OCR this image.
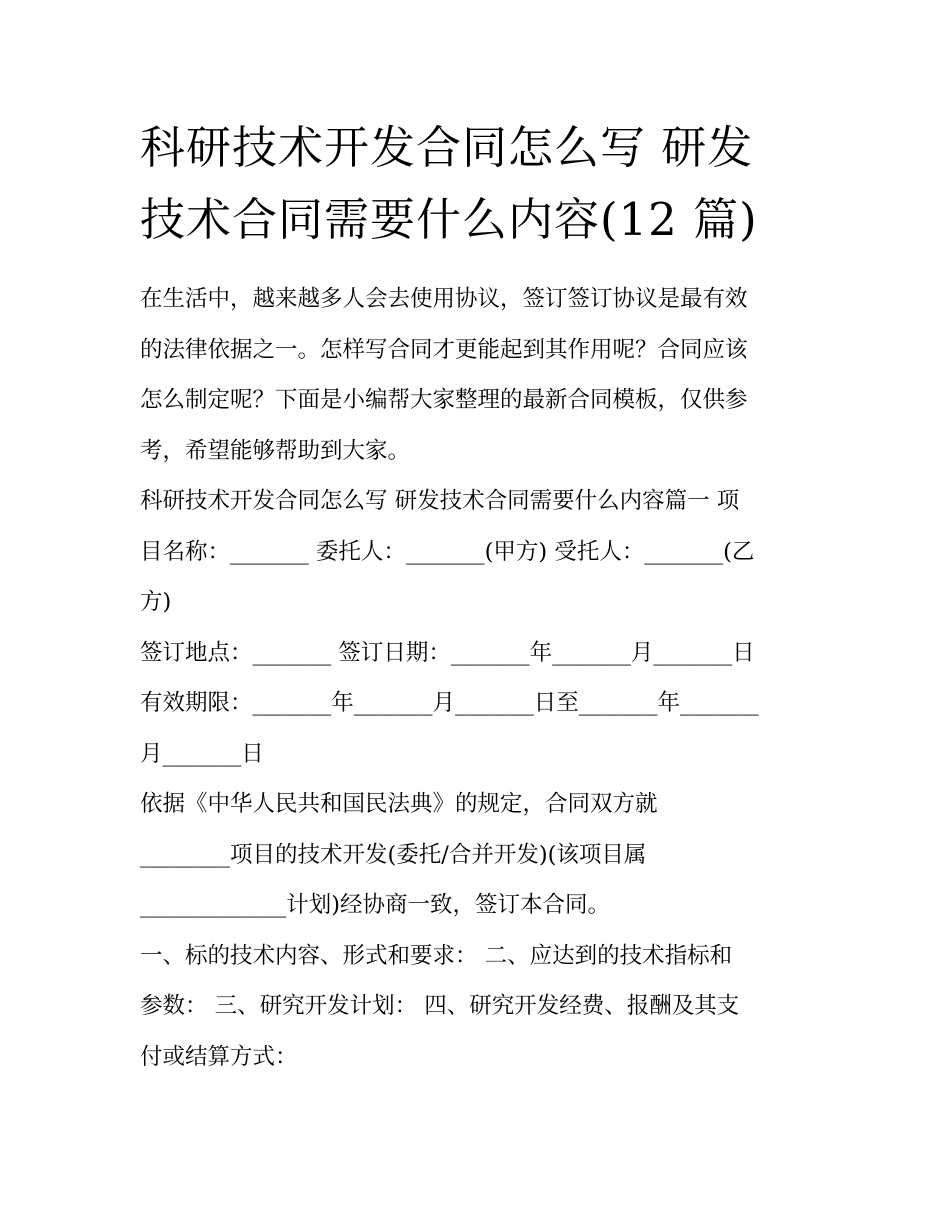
科研技术开发合同怎么写 研发
技术合同需要什么内容(12 篇)

在生活中，越来越多人会去使用协议，签订签订协议是最有效
的法律依据之一。怎样写合同才更能起到其作用呢？合同应该
怎么制定呢？下面是小编帮大家整理的最新合同模板，仅供参
考，希望能够帮助到大家。

科研技术开发合同怎么写 研发技术合同需要什么内容篇一 项
目名称：_______ 委托人：_______(甲方) 受托人：_______(乙
方)

签订地点：_______ 签订日期：_______年_______月_______日

有效期限：_______年_______月_______日至_______年_______
月_______日

依据《中华人民共和国民法典》的规定，合同双方就
________项目的技术开发(委托/合并开发)(该项目属
_____________计划)经协商一致，签订本合同。

一、标的技术内容、形式和要求： 二、应达到的技术指标和
参数： 三、研究开发计划： 四、研究开发经费、报酬及其支
付或结算方式：
